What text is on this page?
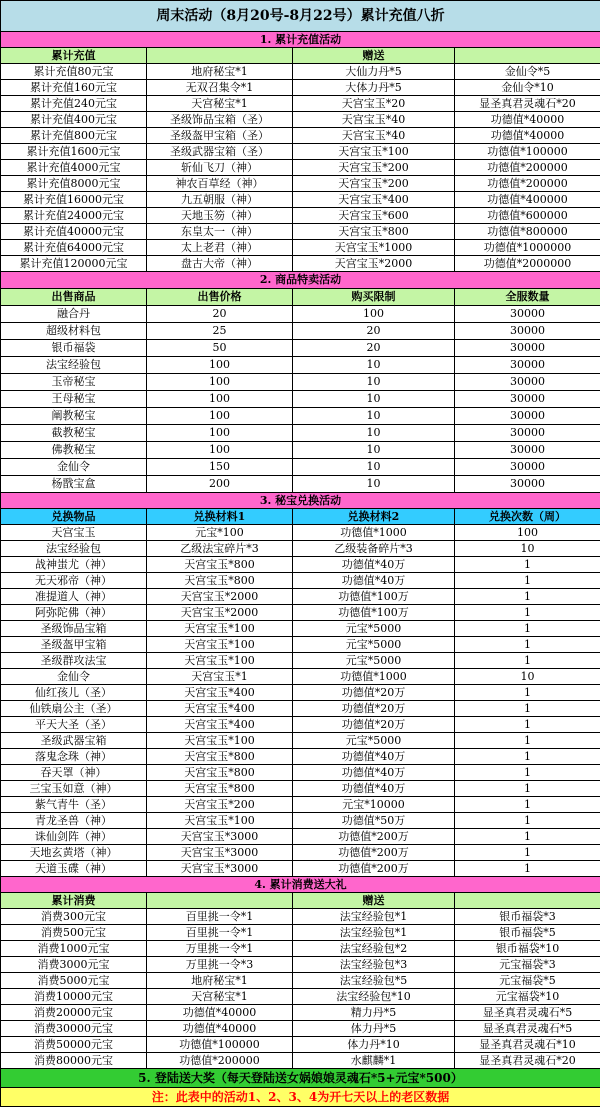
周末活动（8月20号-8月22号）累计充值八折			
1. 累计充值活动			
累计充值		赠送	
累计充值80元宝	地府秘宝*1	大仙力丹*5	金仙令*5
累计充值160元宝	无双召集令*1	大体力丹*5	金仙令*10
累计充值240元宝	天宫秘宝*1	天宫宝玉*20	显圣真君灵魂石*20
累计充值400元宝	圣级饰品宝箱（圣）	天宫宝玉*40	功德值*40000
累计充值800元宝	圣级盔甲宝箱（圣）	天宫宝玉*40	功德值*40000
累计充值1600元宝	圣级武器宝箱（圣）	天宫宝玉*100	功德值*100000
累计充值4000元宝	斩仙飞刀（神）	天宫宝玉*200	功德值*200000
累计充值8000元宝	神农百草经（神）	天宫宝玉*200	功德值*200000
累计充值16000元宝	九五朝服（神）	天宫宝玉*400	功德值*400000
累计充值24000元宝	天地玉笏（神）	天宫宝玉*600	功德值*600000
累计充值40000元宝	东皇太一（神）	天宫宝玉*800	功德值*800000
累计充值64000元宝	太上老君（神）	天宫宝玉*1000	功德值*1000000
累计充值120000元宝	盘古大帝（神）	天宫宝玉*2000	功德值*2000000
2. 商品特卖活动			
出售商品	出售价格	购买限制	全服数量
融合丹	20	100	30000
超级材料包	25	20	30000
银币福袋	50	20	30000
法宝经验包	100	10	30000
玉帝秘宝	100	10	30000
王母秘宝	100	10	30000
阐教秘宝	100	10	30000
截教秘宝	100	10	30000
佛教秘宝	100	10	30000
金仙令	150	10	30000
杨戬宝盒	200	10	30000
3. 秘宝兑换活动			
兑换物品	兑换材料1	兑换材料2	兑换次数（周）
天宫宝玉	元宝*100	功德值*1000	100
法宝经验包	乙级法宝碎片*3	乙级装备碎片*3	10
战神蚩尤（神）	天宫宝玉*800	功德值*40万	1
无天邪帝（神）	天宫宝玉*800	功德值*40万	1
准提道人（神）	天宫宝玉*2000	功德值*100万	1
阿弥陀佛（神）	天宫宝玉*2000	功德值*100万	1
圣级饰品宝箱	天宫宝玉*100	元宝*5000	1
圣级盔甲宝箱	天宫宝玉*100	元宝*5000	1
圣级群攻法宝	天宫宝玉*100	元宝*5000	1
金仙令	天宫宝玉*1	功德值*1000	10
仙红孩儿（圣）	天宫宝玉*400	功德值*20万	1
仙铁扇公主（圣）	天宫宝玉*400	功德值*20万	1
平天大圣（圣）	天宫宝玉*400	功德值*20万	1
圣级武器宝箱	天宫宝玉*100	元宝*5000	1
落鬼念珠（神）	天宫宝玉*800	功德值*40万	1
吞天罩（神）	天宫宝玉*800	功德值*40万	1
三宝玉如意（神）	天宫宝玉*800	功德值*40万	1
紫气青牛（圣）	天宫宝玉*200	元宝*10000	1
青龙圣兽（神）	天宫宝玉*100	功德值*50万	1
诛仙剑阵（神）	天宫宝玉*3000	功德值*200万	1
天地玄黄塔（神）	天宫宝玉*3000	功德值*200万	1
天道玉碟（神）	天宫宝玉*3000	功德值*200万	1
4. 累计消费送大礼			
累计消费		赠送	
消费300元宝	百里挑一令*1	法宝经验包*1	银币福袋*3
消费500元宝	百里挑一令*1	法宝经验包*1	银币福袋*5
消费1000元宝	万里挑一令*1	法宝经验包*2	银币福袋*10
消费3000元宝	万里挑一令*3	法宝经验包*3	元宝福袋*3
消费5000元宝	地府秘宝*1	法宝经验包*5	元宝福袋*5
消费10000元宝	天宫秘宝*1	法宝经验包*10	元宝福袋*10
消费20000元宝	功德值*40000	精力丹*5	显圣真君灵魂石*5
消费30000元宝	功德值*40000	体力丹*5	显圣真君灵魂石*5
消费50000元宝	功德值*100000	体力丹*10	显圣真君灵魂石*10
消费80000元宝	功德值*200000	水麒麟*1	显圣真君灵魂石*20
5. 登陆送大奖（每天登陆送女娲娘娘灵魂石*5+元宝*500）			
注：此表中的活动1、2、3、4为开七天以上的老区数据			
